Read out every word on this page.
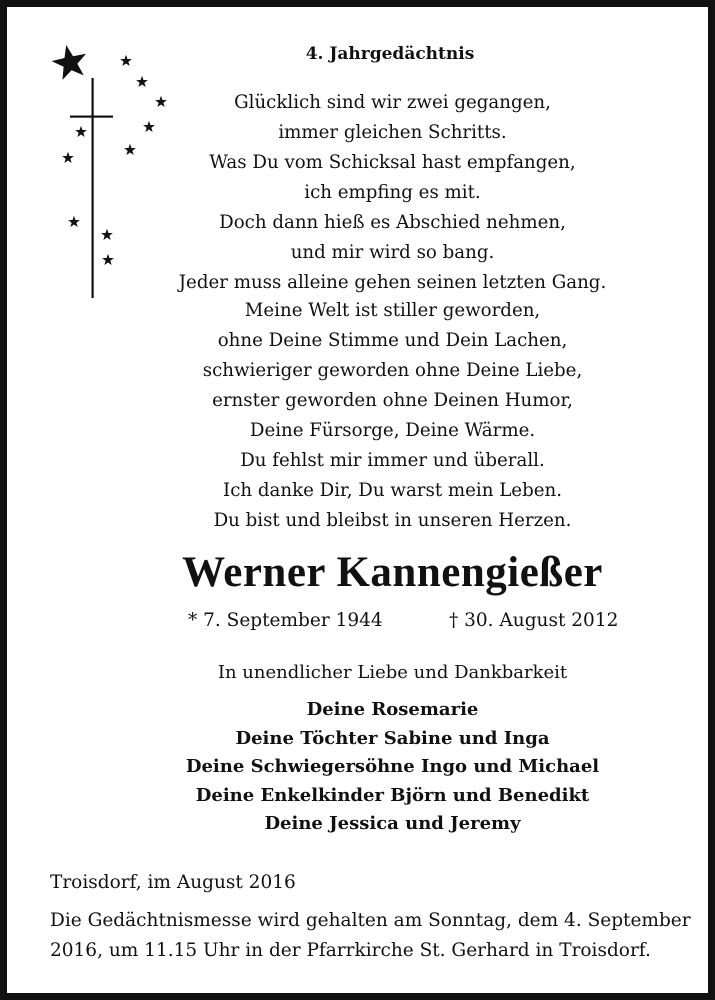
4. Jahrgedächtnis
Glücklich sind wir zwei gegangen,
immer gleichen Schritts.
Was Du vom Schicksal hast empfangen,
ich empfing es mit.
Doch dann hieß es Abschied nehmen,
und mir wird so bang.
Jeder muss alleine gehen seinen letzten Gang.
Meine Welt ist stiller geworden,
ohne Deine Stimme und Dein Lachen,
schwieriger geworden ohne Deine Liebe,
ernster geworden ohne Deinen Humor,
Deine Fürsorge, Deine Wärme.
Du fehlst mir immer und überall.
Ich danke Dir, Du warst mein Leben.
Du bist und bleibst in unseren Herzen.
Werner Kannengießer
* 7. September 1944	† 30. August 2012
In unendlicher Liebe und Dankbarkeit
Deine Rosemarie
Deine Töchter Sabine und Inga
Deine Schwiegersöhne Ingo und Michael
Deine Enkelkinder Björn und Benedikt
Deine Jessica und Jeremy
Troisdorf, im August 2016
Die Gedächtnismesse wird gehalten am Sonntag, dem 4. September
2016, um 11.15 Uhr in der Pfarrkirche St. Gerhard in Troisdorf.
